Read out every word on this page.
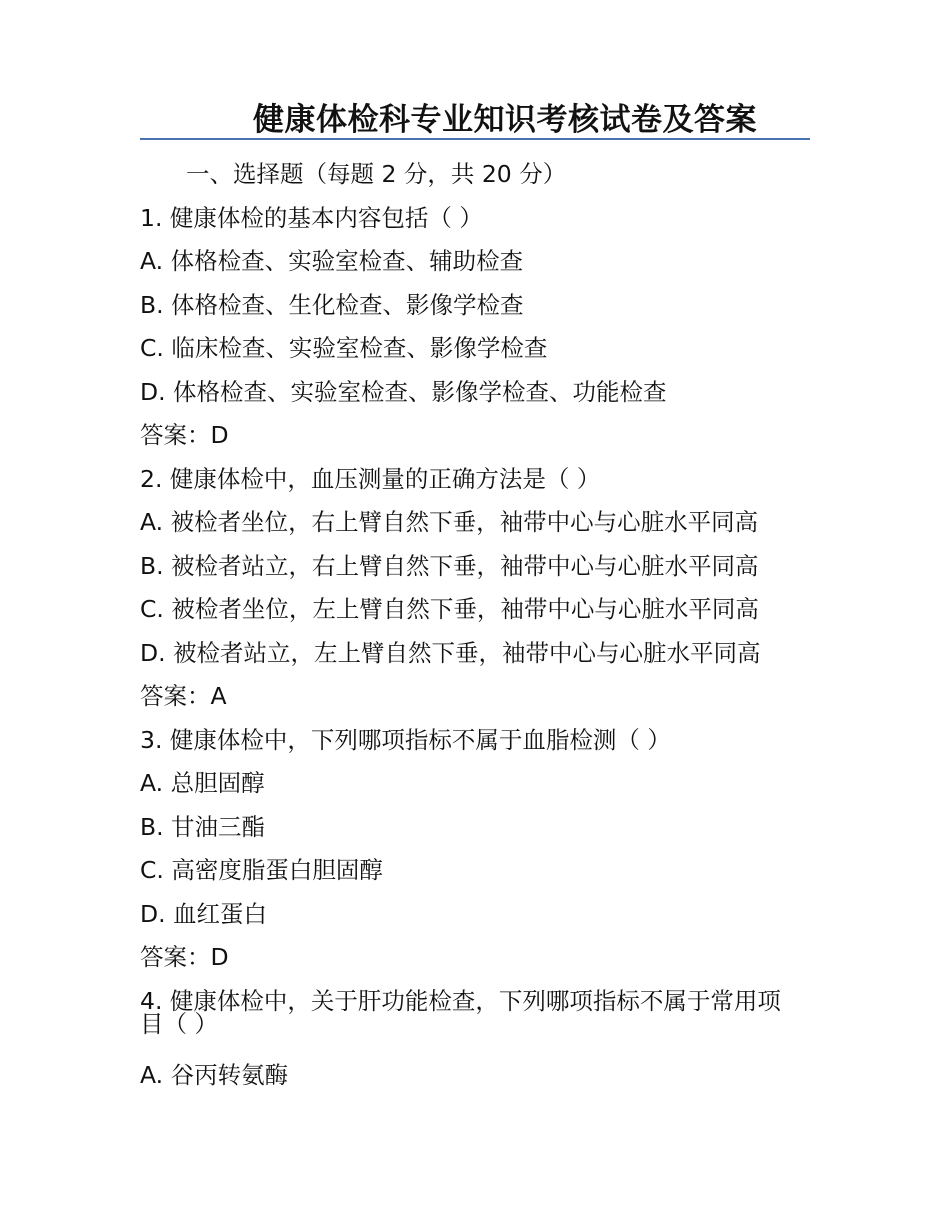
健康体检科专业知识考核试卷及答案
一、选择题（每题 2 分，共 20 分）
1. 健康体检的基本内容包括（ ）
A. 体格检查、实验室检查、辅助检查
B. 体格检查、生化检查、影像学检查
C. 临床检查、实验室检查、影像学检查
D. 体格检查、实验室检查、影像学检查、功能检查
答案：D
2. 健康体检中，血压测量的正确方法是（ ）
A. 被检者坐位，右上臂自然下垂，袖带中心与心脏水平同高
B. 被检者站立，右上臂自然下垂，袖带中心与心脏水平同高
C. 被检者坐位，左上臂自然下垂，袖带中心与心脏水平同高
D. 被检者站立，左上臂自然下垂，袖带中心与心脏水平同高
答案：A
3. 健康体检中，下列哪项指标不属于血脂检测（ ）
A. 总胆固醇
B. 甘油三酯
C. 高密度脂蛋白胆固醇
D. 血红蛋白
答案：D
4. 健康体检中，关于肝功能检查，下列哪项指标不属于常用项目（ ）
A. 谷丙转氨酶
